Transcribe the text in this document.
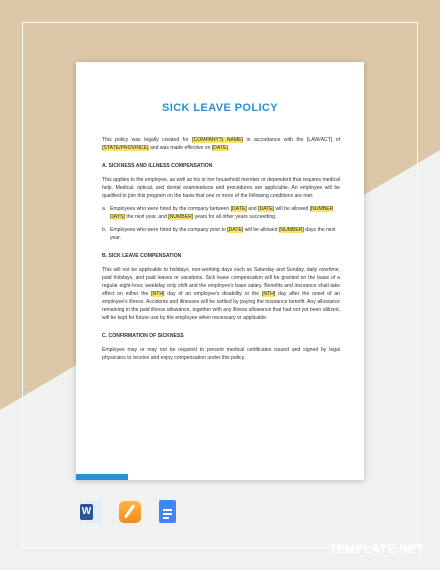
SICK LEAVE POLICY
This policy was legally created for [COMPANY'S NAME] in accordance with the [LAW/ACT] of [STATE/PROVINCE] and was made effective on [DATE].
A. SICKNESS AND ILLNESS COMPENSATION
This applies to the employee, as well as his or her household member or dependent that requires medical help. Medical, optical, and dental examinations and procedures are applicable. An employee will be qualified to join this program on the basis that one or more of the following conditions are met:
a. Employees who were hired by the company between [DATE] and [DATE] will be allowed [NUMBER DAYS] the next year, and [NUMBER] years for all other years succeeding.
b. Employees who were hired by the company prior to [DATE] will be allowed [NUMBER] days the next year.
B. SICK LEAVE COMPENSATION
This will not be applicable to holidays, non-working days such as Saturday and Sunday, daily overtime, paid holidays, and paid leaves or vacations. Sick leave compensation will be granted on the basis of a regular eight-hour, weekday only shift and the employee's base salary. Benefits and insurance shall take effect on either the [NTH] day of an employee's disability or the [NTH] day after the onset of an employee's illness. Accidents and illnesses will be settled by paying the insurance benefit. Any allowance remaining in the paid illness allowance, together with any illness allowance that had not yet been utilized, will be kept for future use by the employee when necessary or applicable.
C. CONFIRMATION OF SICKNESS
Employee may or may not be required to present medical certificates issued and signed by legal physicians to receive and enjoy compensation under this policy.
W
TEMPLATE.NET
